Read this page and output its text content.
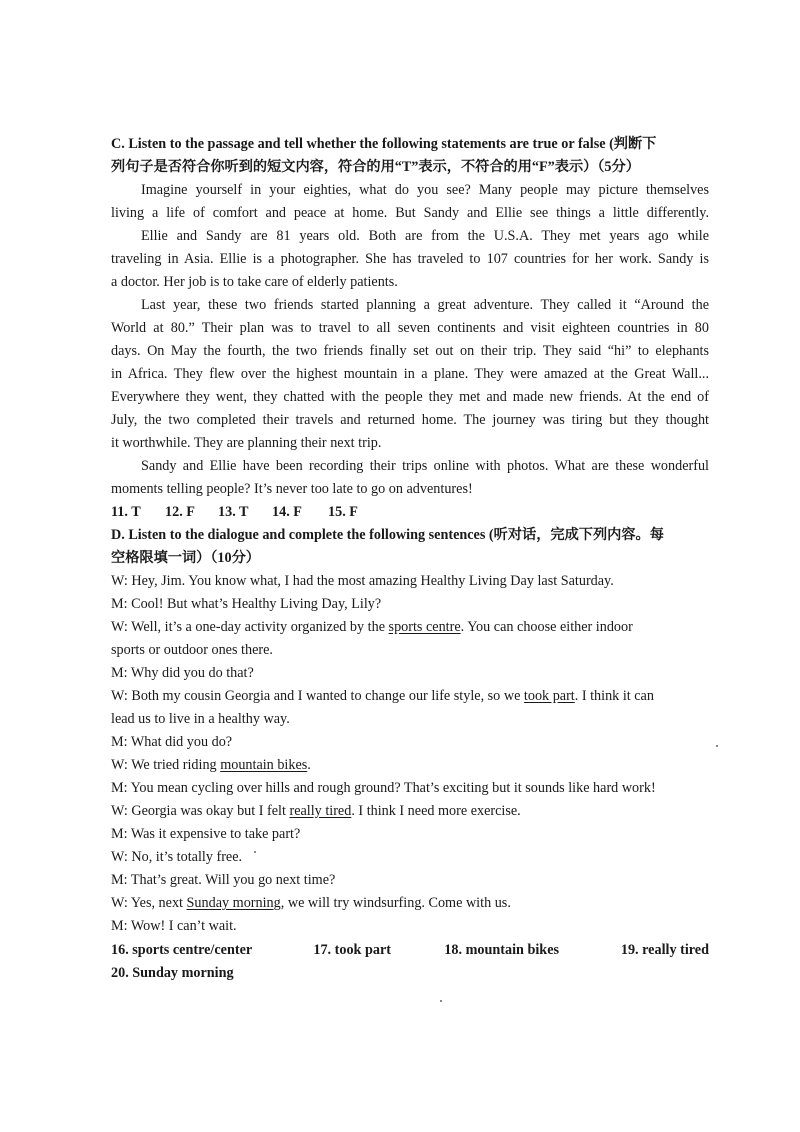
C. Listen to the passage and tell whether the following statements are true or false (判断下
列句子是否符合你听到的短文内容，符合的用“T”表示，不符合的用“F”表示）（5分）
Imagine yourself in your eighties, what do you see? Many people may picture themselves
living a life of comfort and peace at home. But Sandy and Ellie see things a little differently.
Ellie and Sandy are 81 years old. Both are from the U.S.A. They met years ago while
traveling in Asia. Ellie is a photographer. She has traveled to 107 countries for her work. Sandy is
a doctor. Her job is to take care of elderly patients.
Last year, these two friends started planning a great adventure. They called it “Around the
World at 80.” Their plan was to travel to all seven continents and visit eighteen countries in 80
days. On May the fourth, the two friends finally set out on their trip. They said “hi” to elephants
in Africa. They flew over the highest mountain in a plane. They were amazed at the Great Wall...
Everywhere they went, they chatted with the people they met and made new friends. At the end of
July, the two completed their travels and returned home. The journey was tiring but they thought
it worthwhile. They are planning their next trip.
Sandy and Ellie have been recording their trips online with photos. What are these wonderful
moments telling people? It’s never too late to go on adventures!
11. T	12. F	13. T	14. F	15. F
D. Listen to the dialogue and complete the following sentences (听对话，完成下列内容。每
空格限填一词）（10分）
W: Hey, Jim. You know what, I had the most amazing Healthy Living Day last Saturday.
M: Cool! But what’s Healthy Living Day, Lily?
W: Well, it’s a one-day activity organized by the sports centre. You can choose either indoor
sports or outdoor ones there.
M: Why did you do that?
W: Both my cousin Georgia and I wanted to change our life style, so we took part. I think it can
lead us to live in a healthy way.
M: What did you do?
W: We tried riding mountain bikes.
M: You mean cycling over hills and rough ground? That’s exciting but it sounds like hard work!
W: Georgia was okay but I felt really tired. I think I need more exercise.
M: Was it expensive to take part?
W: No, it’s totally free.
M: That’s great. Will you go next time?
W: Yes, next Sunday morning, we will try windsurfing. Come with us.
M: Wow! I can’t wait.
16. sports centre/center	17. took part	18. mountain bikes	19. really tired
20. Sunday morning
